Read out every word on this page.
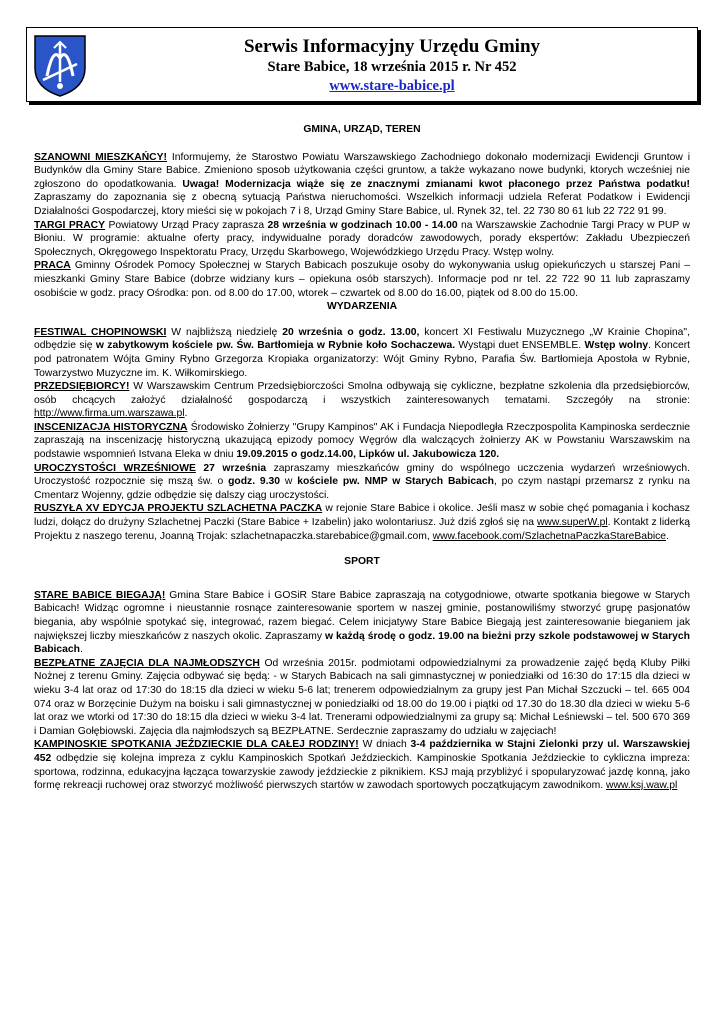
Serwis Informacyjny Urzędu Gminy
Stare Babice, 18 września 2015 r. Nr 452
www.stare-babice.pl

GMINA, URZĄD, TEREN

SZANOWNI MIESZKAŃCY! Informujemy, że Starostwo Powiatu Warszawskiego Zachodniego dokonało modernizacji Ewidencji Gruntow i Budynków dla Gminy Stare Babice. Zmieniono sposob użytkowania części gruntow, a także wykazano nowe budynki, ktorych wcześniej nie zgłoszono do opodatkowania. Uwaga! Modernizacja wiąże się ze znacznymi zmianami kwot płaconego przez Państwa podatku! Zapraszamy do zapoznania się z obecną sytuacją Państwa nieruchomości. Wszelkich informacji udziela Referat Podatkow i Ewidencji Działalności Gospodarczej, ktory mieści się w pokojach 7 i 8, Urząd Gminy Stare Babice, ul. Rynek 32, tel. 22 730 80 61 lub 22 722 91 99.

TARGI PRACY Powiatowy Urząd Pracy zaprasza 28 września w godzinach 10.00 - 14.00 na Warszawskie Zachodnie Targi Pracy w PUP w Błoniu. W programie: aktualne oferty pracy, indywidualne porady doradców zawodowych, porady ekspertów: Zakładu Ubezpieczeń Społecznych, Okręgowego Inspektoratu Pracy, Urzędu Skarbowego, Wojewódzkiego Urzędu Pracy. Wstęp wolny.

PRACA Gminny Ośrodek Pomocy Społecznej w Starych Babicach poszukuje osoby do wykonywania usług opiekuńczych u starszej Pani – mieszkanki Gminy Stare Babice (dobrze widziany kurs – opiekuna osób starszych). Informacje pod nr tel. 22 722 90 11 lub zapraszamy osobiście w godz. pracy Ośrodka: pon. od 8.00 do 17.00, wtorek – czwartek od 8.00 do 16.00, piątek od 8.00 do 15.00.

WYDARZENIA

FESTIWAL CHOPINOWSKI W najbliższą niedzielę 20 września o godz. 13.00, koncert XI Festiwalu Muzycznego „W Krainie Chopina", odbędzie się w zabytkowym kościele pw. Św. Bartłomieja w Rybnie koło Sochaczewa. Wystąpi duet ENSEMBLE. Wstęp wolny. Koncert pod patronatem Wójta Gminy Rybno Grzegorza Kropiaka organizatorzy: Wójt Gminy Rybno, Parafia Św. Bartłomieja Apostoła w Rybnie, Towarzystwo Muzyczne im. K. Wiłkomirskiego.

PRZEDSIĘBIORCY! W Warszawskim Centrum Przedsiębiorczości Smolna odbywają się cykliczne, bezpłatne szkolenia dla przedsiębiorców, osób chcących założyć działalność gospodarczą i wszystkich zainteresowanych tematami. Szczegóły na stronie: http://www.firma.um.warszawa.pl.

INSCENIZACJA HISTORYCZNA Środowisko Żołnierzy "Grupy Kampinos" AK i Fundacja Niepodległa Rzeczpospolita Kampinoska serdecznie zapraszają na inscenizację historyczną ukazującą epizody pomocy Węgrów dla walczących żołnierzy AK w Powstaniu Warszawskim na podstawie wspomnień Istvana Eleka w dniu 19.09.2015 o godz.14.00, Lipków ul. Jakubowicza 120.

UROCZYSTOŚCI WRZEŚNIOWE 27 września zapraszamy mieszkańców gminy do wspólnego uczczenia wydarzeń wrześniowych. Uroczystość rozpocznie się mszą św. o godz. 9.30 w kościele pw. NMP w Starych Babicach, po czym nastąpi przemarsz z rynku na Cmentarz Wojenny, gdzie odbędzie się dalszy ciąg uroczystości.

RUSZYŁA XV EDYCJA PROJEKTU SZLACHETNA PACZKA w rejonie Stare Babice i okolice. Jeśli masz w sobie chęć pomagania i kochasz ludzi, dołącz do drużyny Szlachetnej Paczki (Stare Babice + Izabelin) jako wolontariusz. Już dziś zgłoś się na www.superW.pl. Kontakt z liderką Projektu z naszego terenu, Joanną Trojak: szlachetnapaczka.starebabice@gmail.com, www.facebook.com/SzlachetnaPaczkaStareBabice.

SPORT

STARE BABICE BIEGAJĄ! Gmina Stare Babice i GOSiR Stare Babice zapraszają na cotygodniowe, otwarte spotkania biegowe w Starych Babicach! Widząc ogromne i nieustannie rosnące zainteresowanie sportem w naszej gminie, postanowiliśmy stworzyć grupę pasjonatów biegania, aby wspólnie spotykać się, integrować, razem biegać. Celem inicjatywy Stare Babice Biegają jest zainteresowanie bieganiem jak największej liczby mieszkańców z naszych okolic. Zapraszamy w każdą środę o godz. 19.00 na bieżni przy szkole podstawowej w Starych Babicach.

BEZPŁATNE ZAJĘCIA DLA NAJMŁODSZYCH Od września 2015r. podmiotami odpowiedzialnymi za prowadzenie zajęć będą Kluby Piłki Nożnej z terenu Gminy. Zajęcia odbywać się będą: - w Starych Babicach na sali gimnastycznej w poniedziałki od 16:30 do 17:15 dla dzieci w wieku 3-4 lat oraz od 17:30 do 18:15 dla dzieci w wieku 5-6 lat; trenerem odpowiedzialnym za grupy jest Pan Michał Szczucki – tel. 665 004 074 oraz w Borzęcinie Dużym na boisku i sali gimnastycznej w poniedziałki od 18.00 do 19.00 i piątki od 17.30 do 18.30 dla dzieci w wieku 5-6 lat oraz we wtorki od 17:30 do 18:15 dla dzieci w wieku 3-4 lat. Trenerami odpowiedzialnymi za grupy są: Michał Leśniewski – tel. 500 670 369 i Damian Gołębiowski. Zajęcia dla najmłodszych są BEZPŁATNE. Serdecznie zapraszamy do udziału w zajęciach!

KAMPINOSKIE SPOTKANIA JEŹDZIECKIE DLA CAŁEJ RODZINY! W dniach 3-4 października w Stajni Zielonki przy ul. Warszawskiej 452 odbędzie się kolejna impreza z cyklu Kampinoskich Spotkań Jeździeckich. Kampinoskie Spotkania Jeździeckie to cykliczna impreza: sportowa, rodzinna, edukacyjna łącząca towarzyskie zawody jeździeckie z piknikiem. KSJ mają przybliżyć i spopularyzować jazdę konną, jako formę rekreacji ruchowej oraz stworzyć możliwość pierwszych startów w zawodach sportowych początkującym zawodnikom. www.ksj.waw.pl
